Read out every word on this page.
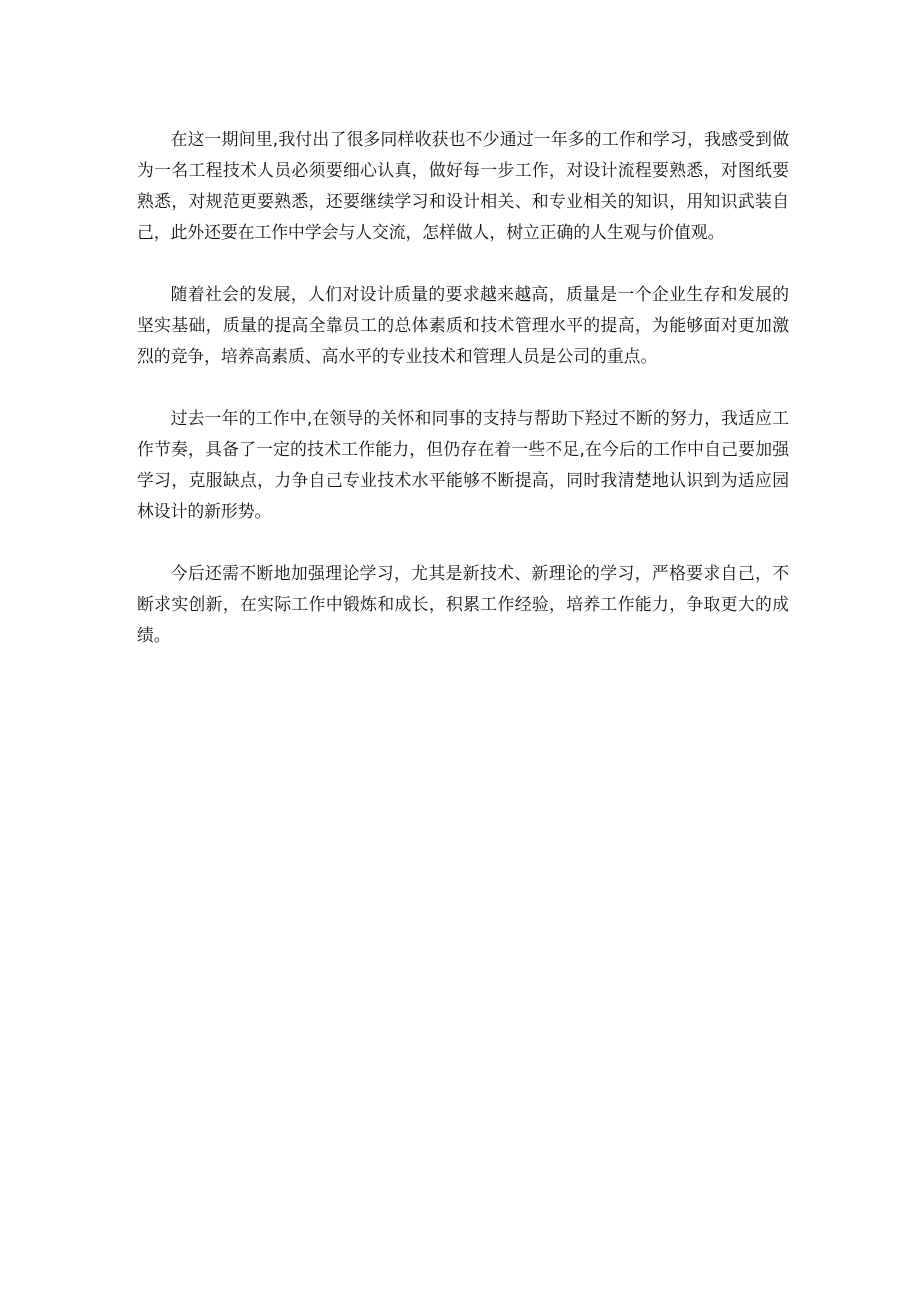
在这一期间里,我付出了很多同样收获也不少通过一年多的工作和学习，我感受到做为一名工程技术人员必须要细心认真，做好每一步工作，对设计流程要熟悉，对图纸要熟悉，对规范更要熟悉，还要继续学习和设计相关、和专业相关的知识，用知识武装自己，此外还要在工作中学会与人交流，怎样做人，树立正确的人生观与价值观。

随着社会的发展，人们对设计质量的要求越来越高，质量是一个企业生存和发展的坚实基础，质量的提高全靠员工的总体素质和技术管理水平的提高，为能够面对更加激烈的竞争，培养高素质、高水平的专业技术和管理人员是公司的重点。

过去一年的工作中,在领导的关怀和同事的支持与帮助下羟过不断的努力，我适应工作节奏，具备了一定的技术工作能力，但仍存在着一些不足,在今后的工作中自己要加强学习，克服缺点，力争自己专业技术水平能够不断提高，同时我清楚地认识到为适应园林设计的新形势。

今后还需不断地加强理论学习，尤其是新技术、新理论的学习，严格要求自己，不断求实创新，在实际工作中锻炼和成长，积累工作经验，培养工作能力，争取更大的成绩。
